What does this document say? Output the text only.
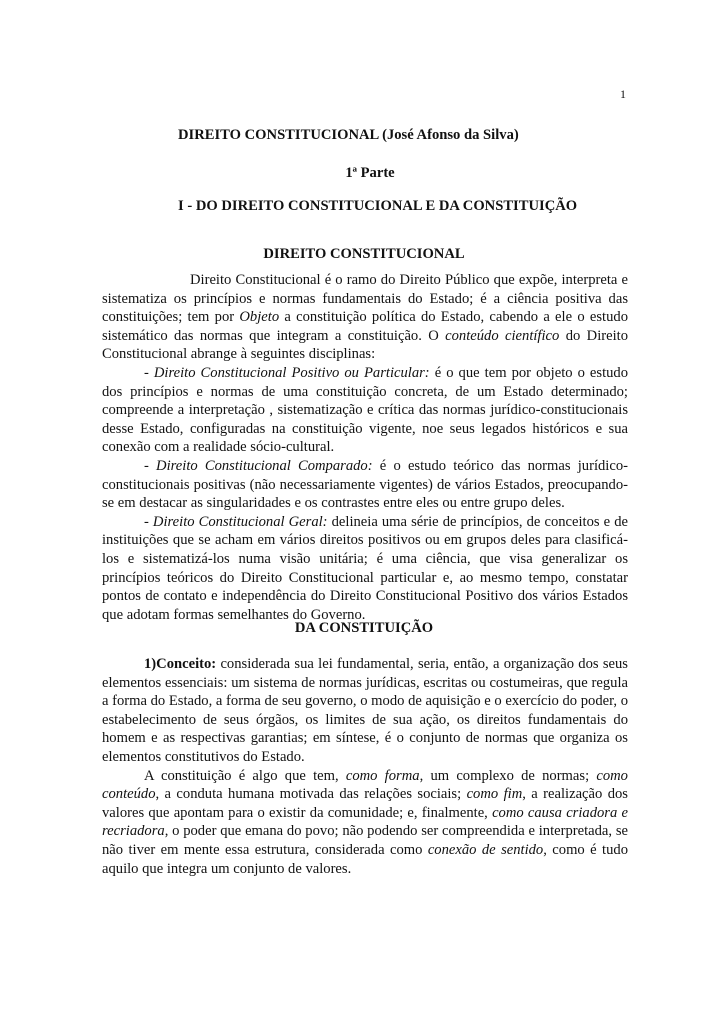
1
DIREITO CONSTITUCIONAL (José Afonso da Silva)
1ª Parte
I - DO DIREITO CONSTITUCIONAL E DA CONSTITUIÇÃO
DIREITO CONSTITUCIONAL

Direito Constitucional é o ramo do Direito Público que expõe, interpreta e sistematiza os princípios e normas fundamentais do Estado; é a ciência positiva das constituições; tem por Objeto a constituição política do Estado, cabendo a ele o estudo sistemático das normas que integram a constituição. O conteúdo científico do Direito Constitucional abrange à seguintes disciplinas:

- Direito Constitucional Positivo ou Particular: é o que tem por objeto o estudo dos princípios e normas de uma constituição concreta, de um Estado determinado; compreende a interpretação , sistematização e crítica das normas jurídico-constitucionais desse Estado, configuradas na constituição vigente, noe seus legados históricos e sua conexão com a realidade sócio-cultural.

- Direito Constitucional Comparado: é o estudo teórico das normas jurídico-constitucionais positivas (não necessariamente vigentes) de vários Estados, preocupando-se em destacar as singularidades e os contrastes entre eles ou entre grupo deles.

- Direito Constitucional Geral: delineia uma série de princípios, de conceitos e de instituições que se acham em vários direitos positivos ou em grupos deles para clasificá-los e sistematizá-los numa visão unitária; é uma ciência, que visa generalizar os princípios teóricos do Direito Constitucional particular e, ao mesmo tempo, constatar pontos de contato e independência do Direito Constitucional Positivo dos vários Estados que adotam formas semelhantes do Governo.

DA CONSTITUIÇÃO

1)Conceito: considerada sua lei fundamental, seria, então, a organização dos seus elementos essenciais: um sistema de normas jurídicas, escritas ou costumeiras, que regula a forma do Estado, a forma de seu governo, o modo de aquisição e o exercício do poder, o estabelecimento de seus órgãos, os limites de sua ação, os direitos fundamentais do homem e as respectivas garantias; em síntese, é o conjunto de normas que organiza os elementos constitutivos do Estado.

A constituição é algo que tem, como forma, um complexo de normas; como conteúdo, a conduta humana motivada das relações sociais; como fim, a realização dos valores que apontam para o existir da comunidade; e, finalmente, como causa criadora e recriadora, o poder que emana do povo; não podendo ser compreendida e interpretada, se não tiver em mente essa estrutura, considerada como conexão de sentido, como é tudo aquilo que integra um conjunto de valores.
